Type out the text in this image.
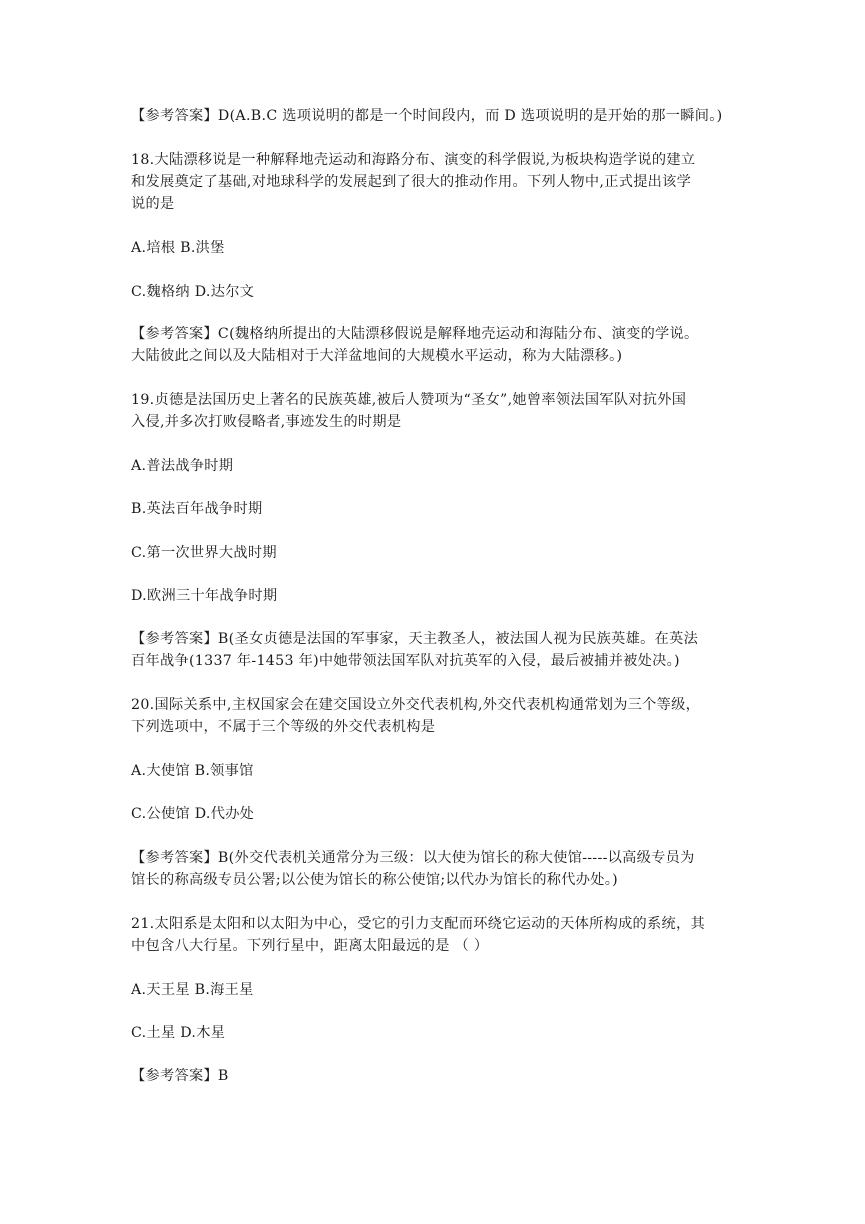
【参考答案】D(A.B.C 选项说明的都是一个时间段内，而 D 选项说明的是开始的那一瞬间。)
18.大陆漂移说是一种解释地壳运动和海路分布、演变的科学假说,为板块构造学说的建立
和发展奠定了基础,对地球科学的发展起到了很大的推动作用。下列人物中,正式提出该学
说的是
A.培根 B.洪堡
C.魏格纳 D.达尔文
【参考答案】C(魏格纳所提出的大陆漂移假说是解释地壳运动和海陆分布、演变的学说。
大陆彼此之间以及大陆相对于大洋盆地间的大规模水平运动，称为大陆漂移。)
19.贞德是法国历史上著名的民族英雄,被后人赞项为“圣女”,她曾率领法国军队对抗外国
入侵,并多次打败侵略者,事迹发生的时期是
A.普法战争时期
B.英法百年战争时期
C.第一次世界大战时期
D.欧洲三十年战争时期
【参考答案】B(圣女贞德是法国的军事家，天主教圣人，被法国人视为民族英雄。在英法
百年战争(1337 年-1453 年)中她带领法国军队对抗英军的入侵，最后被捕并被处决。)
20.国际关系中,主权国家会在建交国设立外交代表机构,外交代表机构通常划为三个等级，
下列选项中，不属于三个等级的外交代表机构是
A.大使馆 B.领事馆
C.公使馆 D.代办处
【参考答案】B(外交代表机关通常分为三级：以大使为馆长的称大使馆-----以高级专员为
馆长的称高级专员公署;以公使为馆长的称公使馆;以代办为馆长的称代办处。)
21.太阳系是太阳和以太阳为中心，受它的引力支配而环绕它运动的天体所构成的系统，其
中包含八大行星。下列行星中，距离太阳最远的是 （ ）
A.天王星 B.海王星
C.土星 D.木星
【参考答案】B
